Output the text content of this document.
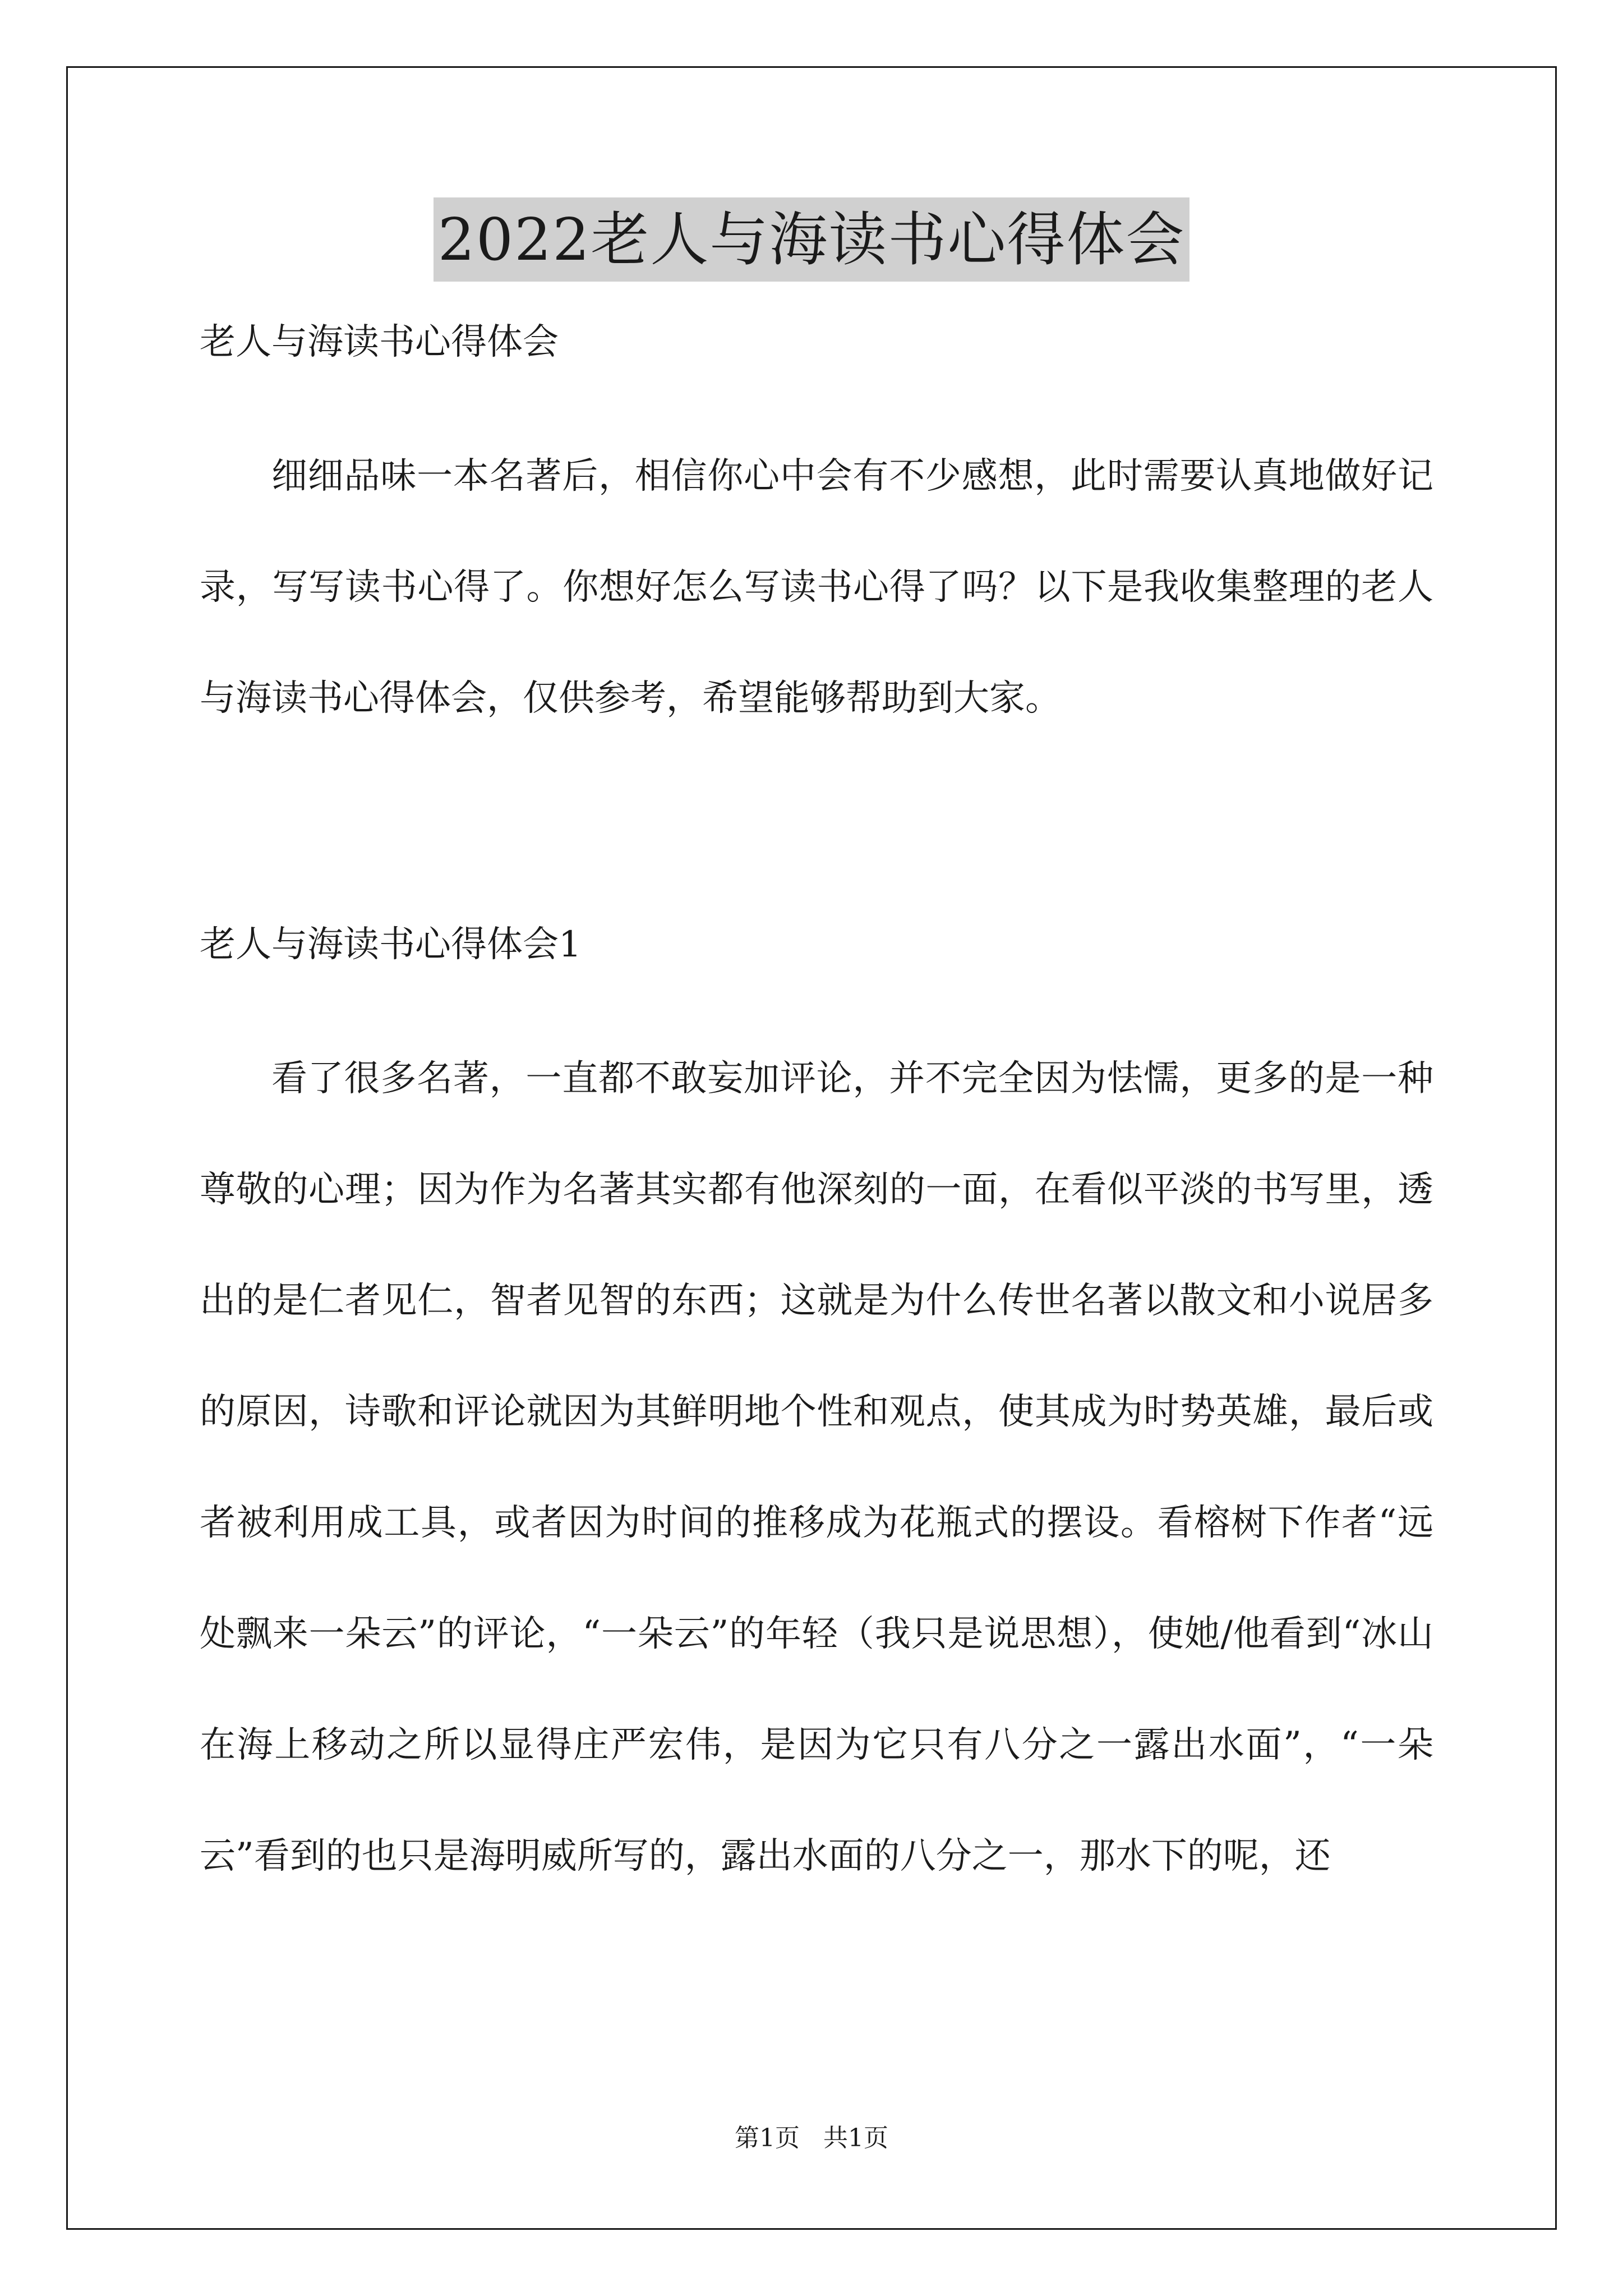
2022老人与海读书心得体会

老人与海读书心得体会

细细品味一本名著后，相信你心中会有不少感想，此时需要认真地做好记录，写写读书心得了。你想好怎么写读书心得了吗？以下是我收集整理的老人与海读书心得体会，仅供参考，希望能够帮助到大家。

老人与海读书心得体会1

看了很多名著，一直都不敢妄加评论，并不完全因为怯懦，更多的是一种尊敬的心理；因为作为名著其实都有他深刻的一面，在看似平淡的书写里，透出的是仁者见仁，智者见智的东西；这就是为什么传世名著以散文和小说居多的原因，诗歌和评论就因为其鲜明地个性和观点，使其成为时势英雄，最后或者被利用成工具，或者因为时间的推移成为花瓶式的摆设。看榕树下作者“远处飘来一朵云”的评论，“一朵云”的年轻（我只是说思想），使她/他看到“冰山在海上移动之所以显得庄严宏伟，是因为它只有八分之一露出水面”，“一朵云”看到的也只是海明威所写的，露出水面的八分之一，那水下的呢，还

第1页 共1页
